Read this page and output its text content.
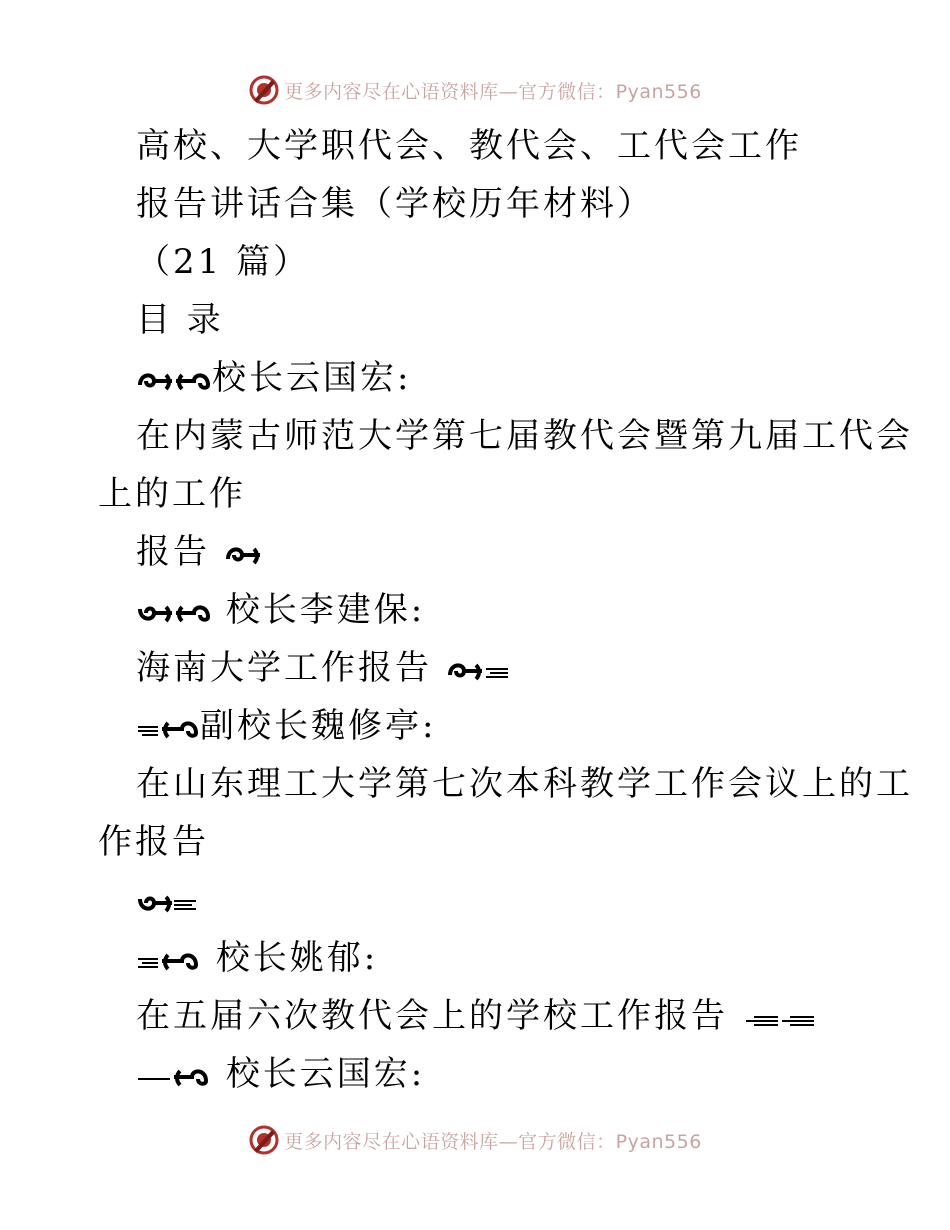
更多内容尽在心语资料库—官方微信：Pyan556
高校、大学职代会、教代会、工代会工作
报告讲话合集（学校历年材料）
（21 篇）
目 录
校长云国宏:
在内蒙古师范大学第七届教代会暨第九届工代会
上的工作
报告
校长李建保:
海南大学工作报告
副校长魏修亭:
在山东理工大学第七次本科教学工作会议上的工
作报告
校长姚郁:
在五届六次教代会上的学校工作报告
校长云国宏:
更多内容尽在心语资料库—官方微信：Pyan556
